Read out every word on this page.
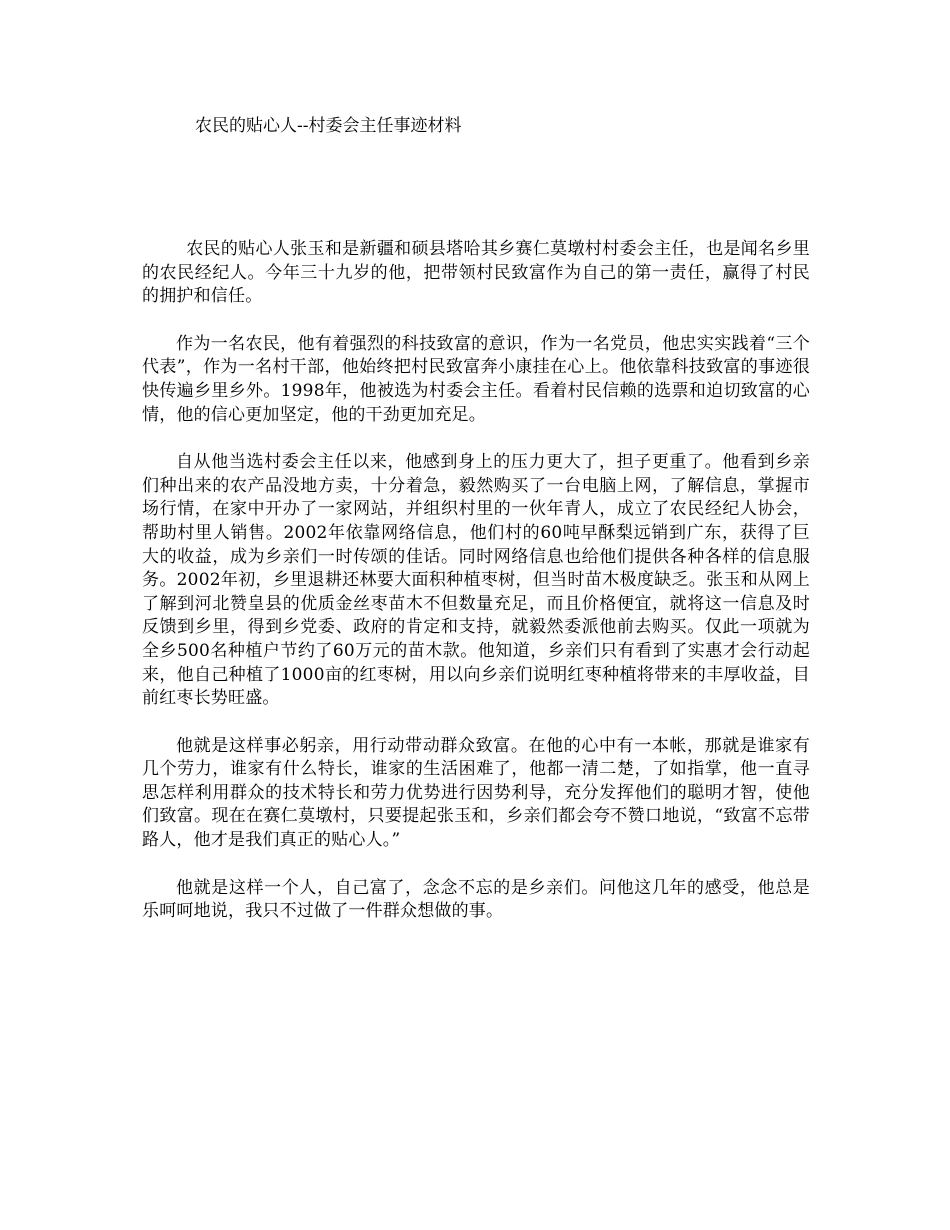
农民的贴心人--村委会主任事迹材料

农民的贴心人张玉和是新疆和硕县塔哈其乡赛仁莫墩村村委会主任，也是闻名乡里的农民经纪人。今年三十九岁的他，把带领村民致富作为自己的第一责任，赢得了村民的拥护和信任。

作为一名农民，他有着强烈的科技致富的意识，作为一名党员，他忠实实践着“三个代表”，作为一名村干部，他始终把村民致富奔小康挂在心上。他依靠科技致富的事迹很快传遍乡里乡外。1998年，他被选为村委会主任。看着村民信赖的选票和迫切致富的心情，他的信心更加坚定，他的干劲更加充足。

自从他当选村委会主任以来，他感到身上的压力更大了，担子更重了。他看到乡亲们种出来的农产品没地方卖，十分着急，毅然购买了一台电脑上网，了解信息，掌握市场行情，在家中开办了一家网站，并组织村里的一伙年青人，成立了农民经纪人协会，帮助村里人销售。2002年依靠网络信息，他们村的60吨早酥梨远销到广东，获得了巨大的收益，成为乡亲们一时传颂的佳话。同时网络信息也给他们提供各种各样的信息服务。2002年初，乡里退耕还林要大面积种植枣树，但当时苗木极度缺乏。张玉和从网上了解到河北赞皇县的优质金丝枣苗木不但数量充足，而且价格便宜，就将这一信息及时反馈到乡里，得到乡党委、政府的肯定和支持，就毅然委派他前去购买。仅此一项就为全乡500名种植户节约了60万元的苗木款。他知道，乡亲们只有看到了实惠才会行动起来，他自己种植了1000亩的红枣树，用以向乡亲们说明红枣种植将带来的丰厚收益，目前红枣长势旺盛。

他就是这样事必躬亲，用行动带动群众致富。在他的心中有一本帐，那就是谁家有几个劳力，谁家有什么特长，谁家的生活困难了，他都一清二楚，了如指掌，他一直寻思怎样利用群众的技术特长和劳力优势进行因势利导，充分发挥他们的聪明才智，使他们致富。现在在赛仁莫墩村，只要提起张玉和，乡亲们都会夸不赞口地说，“致富不忘带路人，他才是我们真正的贴心人。”

他就是这样一个人，自己富了，念念不忘的是乡亲们。问他这几年的感受，他总是乐呵呵地说，我只不过做了一件群众想做的事。
